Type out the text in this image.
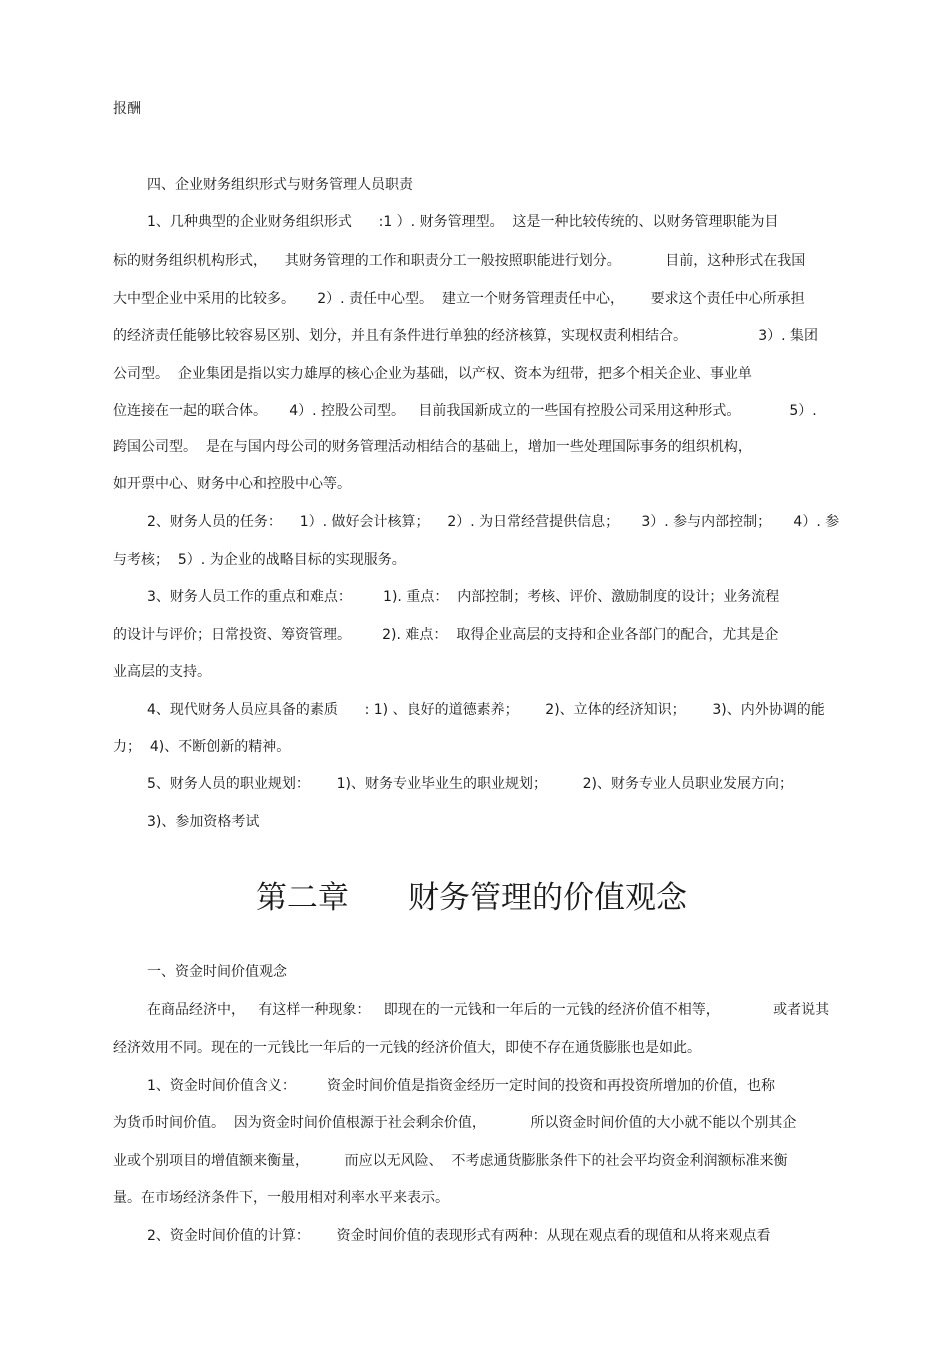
报酬

四、企业财务组织形式与财务管理人员职责

1、几种典型的企业财务组织形式      :1 ）. 财务管理型。  这是一种比较传统的、以财务管理职能为目

标的财务组织机构形式，    其财务管理的工作和职责分工一般按照职能进行划分。          目前，这种形式在我国

大中型企业中采用的比较多。     2）. 责任中心型。  建立一个财务管理责任中心，      要求这个责任中心所承担

的经济责任能够比较容易区别、划分，并且有条件进行单独的经济核算，实现权责利相结合。                3）. 集团

公司型。  企业集团是指以实力雄厚的核心企业为基础，以产权、资本为纽带，把多个相关企业、事业单

位连接在一起的联合体。     4）. 控股公司型。   目前我国新成立的一些国有控股公司采用这种形式。           5）.

跨国公司型。  是在与国内母公司的财务管理活动相结合的基础上，增加一些处理国际事务的组织机构，

如开票中心、财务中心和控股中心等。

2、财务人员的任务：    1）. 做好会计核算；    2）. 为日常经营提供信息；     3）. 参与内部控制；     4）. 参

与考核；  5）. 为企业的战略目标的实现服务。

3、财务人员工作的重点和难点：       1). 重点：  内部控制；考核、评价、激励制度的设计；业务流程

的设计与评价；日常投资、筹资管理。       2). 难点：  取得企业高层的支持和企业各部门的配合，尤其是企

业高层的支持。

4、现代财务人员应具备的素质      : 1) 、良好的道德素养；      2)、立体的经济知识；      3)、内外协调的能

力；  4)、不断创新的精神。

5、财务人员的职业规划：      1)、财务专业毕业生的职业规划；        2)、财务专业人员职业发展方向；

3)、参加资格考试

第二章      财务管理的价值观念

一、资金时间价值观念

在商品经济中，   有这样一种现象：   即现在的一元钱和一年后的一元钱的经济价值不相等，            或者说其

经济效用不同。现在的一元钱比一年后的一元钱的经济价值大，即使不存在通货膨胀也是如此。

1、资金时间价值含义：       资金时间价值是指资金经历一定时间的投资和再投资所增加的价值，也称

为货币时间价值。  因为资金时间价值根源于社会剩余价值，          所以资金时间价值的大小就不能以个别其企

业或个别项目的增值额来衡量，        而应以无风险、  不考虑通货膨胀条件下的社会平均资金利润额标准来衡

量。在市场经济条件下，一般用相对利率水平来表示。

2、资金时间价值的计算：      资金时间价值的表现形式有两种：从现在观点看的现值和从将来观点看
